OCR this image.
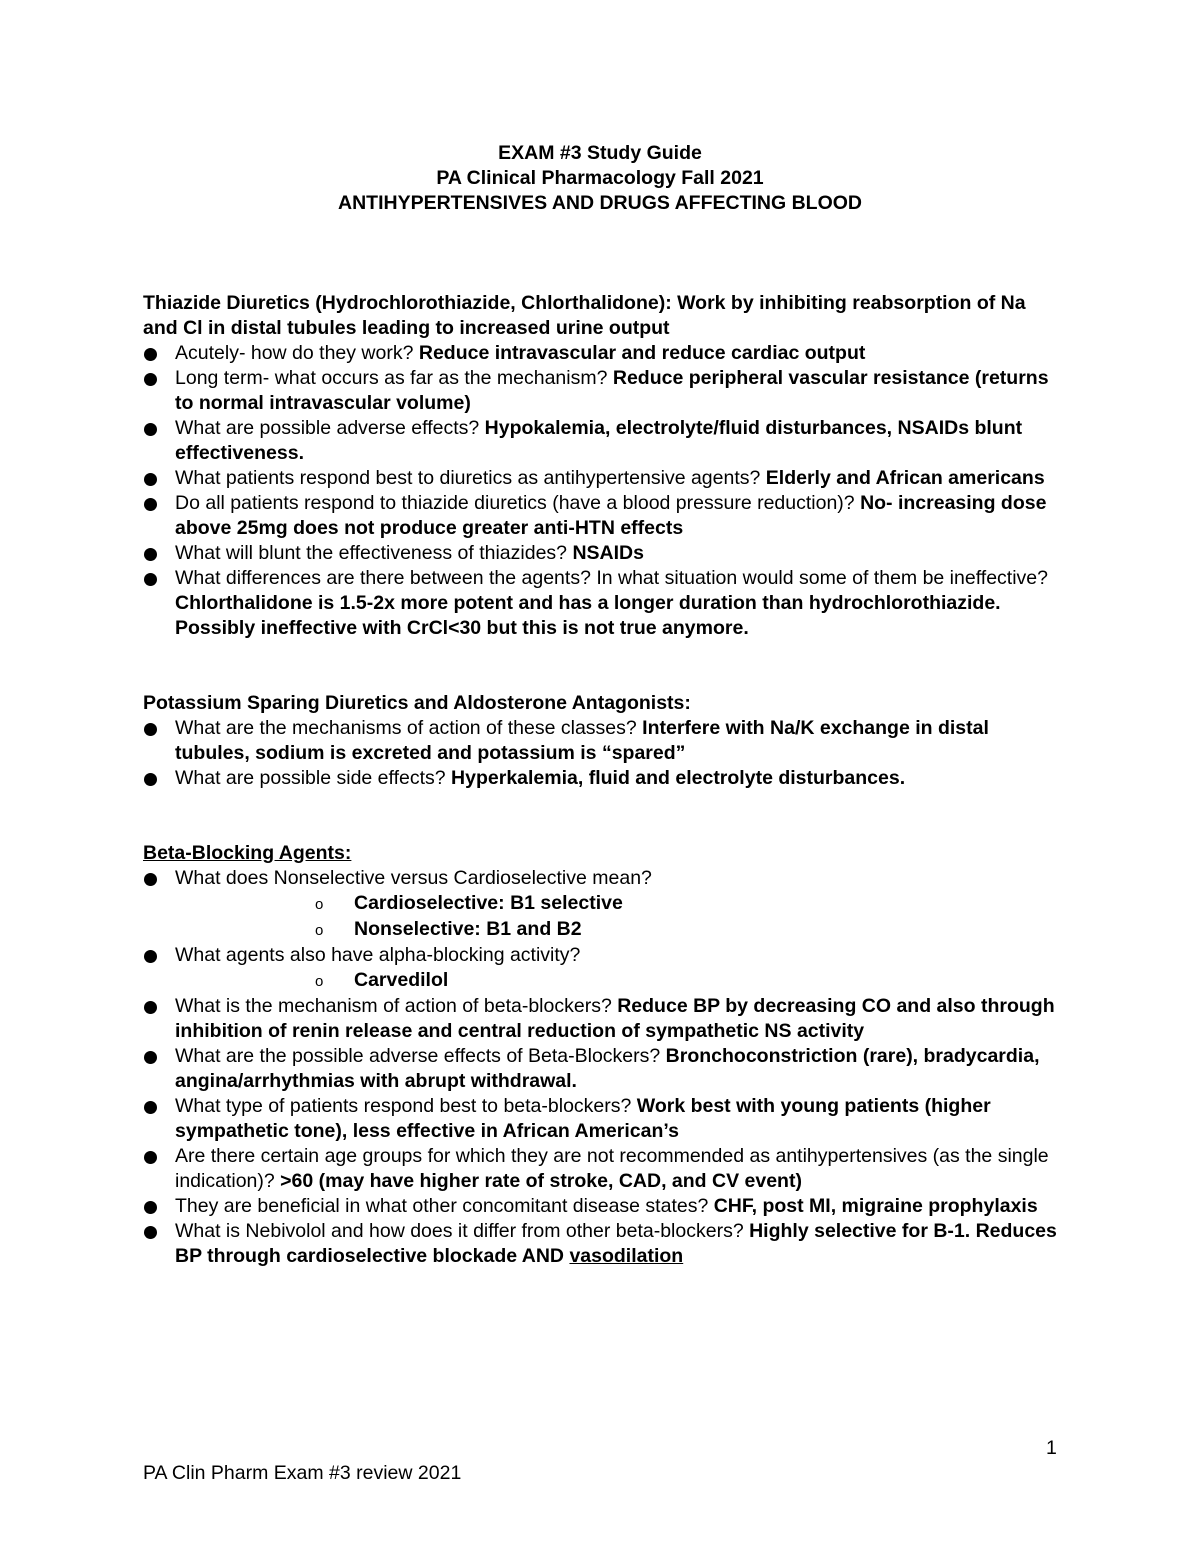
EXAM #3 Study Guide
PA Clinical Pharmacology Fall 2021
ANTIHYPERTENSIVES AND DRUGS AFFECTING BLOOD
Thiazide Diuretics (Hydrochlorothiazide, Chlorthalidone): Work by inhibiting reabsorption of Na and Cl in distal tubules leading to increased urine output
Acutely- how do they work? Reduce intravascular and reduce cardiac output
Long term- what occurs as far as the mechanism? Reduce peripheral vascular resistance (returns to normal intravascular volume)
What are possible adverse effects? Hypokalemia, electrolyte/fluid disturbances, NSAIDs blunt effectiveness.
What patients respond best to diuretics as antihypertensive agents? Elderly and African americans
Do all patients respond to thiazide diuretics (have a blood pressure reduction)? No- increasing dose above 25mg does not produce greater anti-HTN effects
What will blunt the effectiveness of thiazides? NSAIDs
What differences are there between the agents? In what situation would some of them be ineffective? Chlorthalidone is 1.5-2x more potent and has a longer duration than hydrochlorothiazide. Possibly ineffective with CrCl<30 but this is not true anymore.
Potassium Sparing Diuretics and Aldosterone Antagonists:
What are the mechanisms of action of these classes? Interfere with Na/K exchange in distal tubules, sodium is excreted and potassium is “spared”
What are possible side effects? Hyperkalemia, fluid and electrolyte disturbances.
Beta-Blocking Agents:
What does Nonselective versus Cardioselective mean?
o Cardioselective: B1 selective
o Nonselective: B1 and B2
What agents also have alpha-blocking activity?
o Carvedilol
What is the mechanism of action of beta-blockers? Reduce BP by decreasing CO and also through inhibition of renin release and central reduction of sympathetic NS activity
What are the possible adverse effects of Beta-Blockers? Bronchoconstriction (rare), bradycardia, angina/arrhythmias with abrupt withdrawal.
What type of patients respond best to beta-blockers? Work best with young patients (higher sympathetic tone), less effective in African American’s
Are there certain age groups for which they are not recommended as antihypertensives (as the single indication)? >60 (may have higher rate of stroke, CAD, and CV event)
They are beneficial in what other concomitant disease states? CHF, post MI, migraine prophylaxis
What is Nebivolol and how does it differ from other beta-blockers? Highly selective for B-1. Reduces BP through cardioselective blockade AND vasodilation
1
PA Clin Pharm Exam #3 review 2021
